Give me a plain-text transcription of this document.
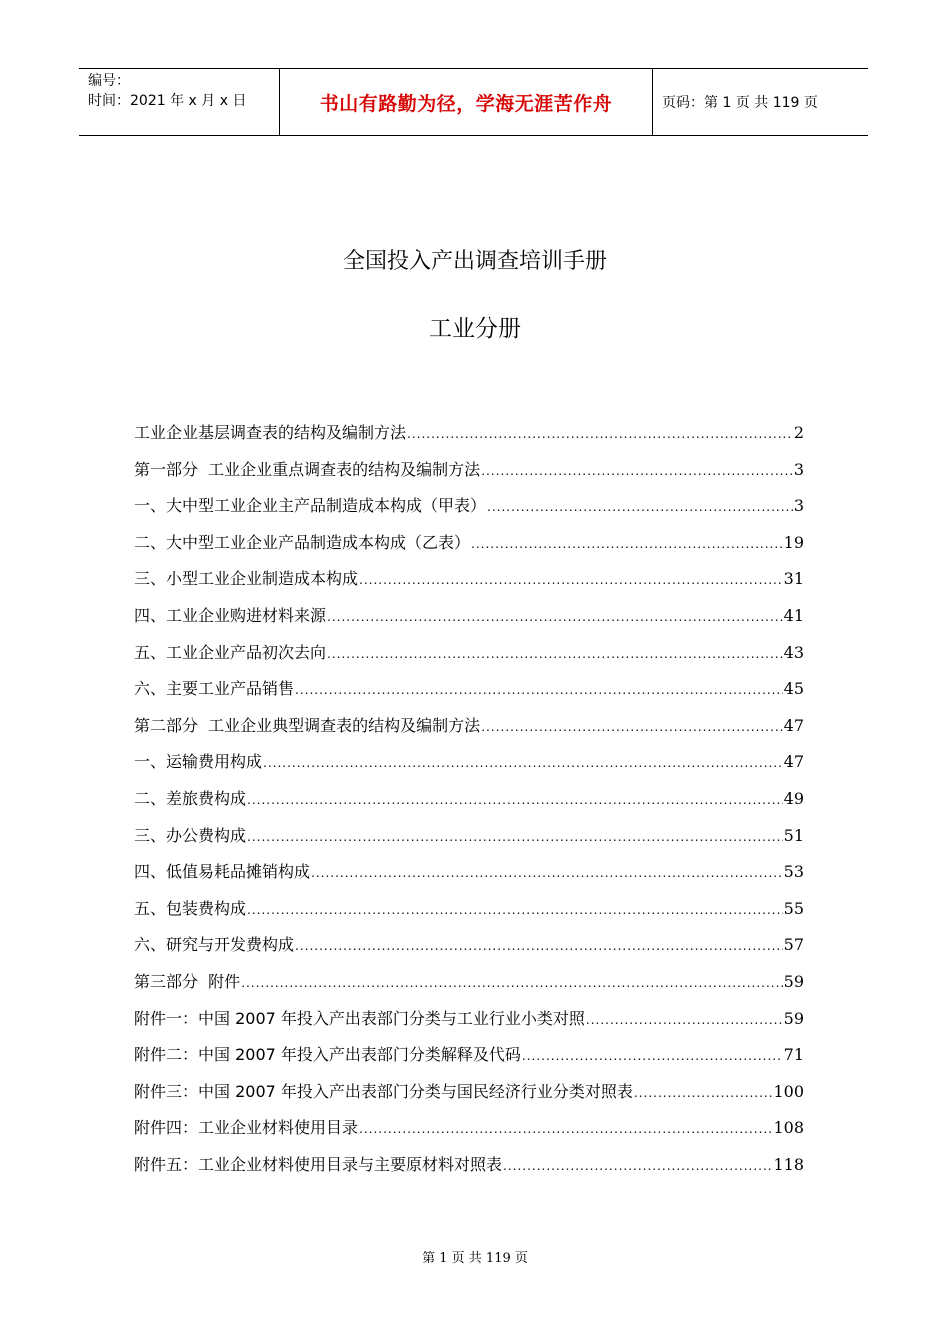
编号：
时间：2021 年 x 月 x 日	书山有路勤为径，学海无涯苦作舟	页码：第 1 页 共 119 页
全国投入产出调查培训手册
工业分册
工业企业基层调查表的结构及编制方法 .....	2
第一部分  工业企业重点调查表的结构及编制方法 .....	3
一、大中型工业企业主产品制造成本构成（甲表） .....	3
二、大中型工业企业产品制造成本构成（乙表） .....	19
三、小型工业企业制造成本构成 .....	31
四、工业企业购进材料来源 .....	41
五、工业企业产品初次去向 .....	43
六、主要工业产品销售 .....	45
第二部分  工业企业典型调查表的结构及编制方法 .....	47
一、运输费用构成 .....	47
二、差旅费构成 .....	49
三、办公费构成 .....	51
四、低值易耗品摊销构成 .....	53
五、包装费构成 .....	55
六、研究与开发费构成 .....	57
第三部分  附件 .....	59
附件一：中国 2007 年投入产出表部门分类与工业行业小类对照 .....	59
附件二：中国 2007 年投入产出表部门分类解释及代码 .....	71
附件三：中国 2007 年投入产出表部门分类与国民经济行业分类对照表 .....	100
附件四：工业企业材料使用目录 .....	108
附件五：工业企业材料使用目录与主要原材料对照表 .....	118
第 1 页 共 119 页
